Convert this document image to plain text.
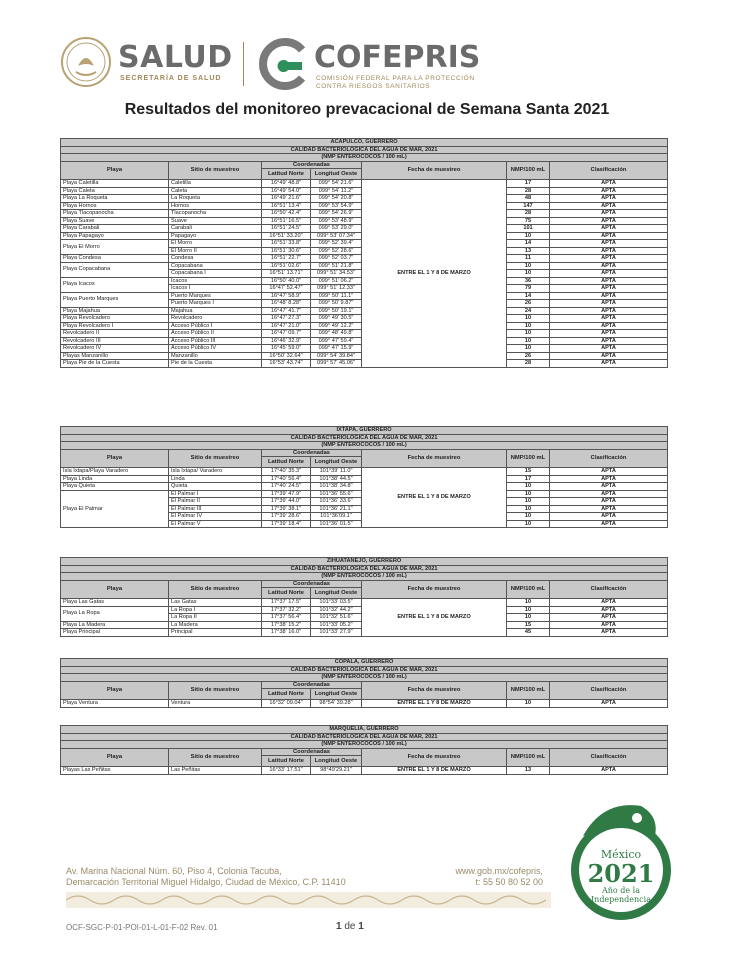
SALUD
SECRETARÍA DE SALUD
COFEPRIS
COMISIÓN FEDERAL PARA LA PROTECCIÓN
CONTRA RIESGOS SANITARIOS
Resultados del monitoreo prevacacional de Semana Santa 2021
ACAPULCO, GUERRERO						
CALIDAD BACTERIOLOGICA DEL AGUA DE MAR, 2021						
(NMP ENTEROCOCOS / 100 mL)						
Playa	Sitio de muestreo	Coordenadas		Fecha de muestreo	NMP/100 mL	Clasificación
		Latitud Norte	Longitud Oeste			
Playa Caletilla	Caletilla	16°49' 48.8"	099° 54' 21.6"	ENTRE EL 1 Y 8 DE MARZO	17	APTA
Playa Caleta	Caleta	16°49' 54.0"	099° 54' 11.2"		28	APTA
Playa La Roqueta	La Roqueta	16°49' 21.6"	099° 54' 20.8"		48	APTA
Playa Hornos	Hornos	16°51' 13.4"	099° 53' 54.9"		147	APTA
Playa Tlacopanocha	Tlacopanocha	16°50' 42.4"	099° 54' 26.9"		28	APTA
Playa Suave	Suave	16°51' 16.5"	099° 53' 48.9"		75	APTA
Playa Carabali	Carabali	16°51' 24.5"	099° 53' 29.0"		101	APTA
Playa Papagayo	Papagayo	16°51' 33.20"	099° 53' 07.34"		10	APTA
Playa El Morro	El Morro	16°51' 33.8"	099° 52' 39.4"		14	APTA
	El Morro II	16°51' 30.6"	099° 52' 28.6"		13	APTA
Playa Condesa	Condesa	16°51' 22.7"	099° 52' 03.7"		11	APTA
Playa Copacabana	Copacabana	16°51' 02.6"	099° 51' 21.8"		10	APTA
	Copacabana I	16°51' 13.71"	099° 51' 34.53"		10	APTA
Playa Icacos	Icacos	16°50' 40.0"	099° 51' 06.2"		36	APTA
	Icacos I	16°47' 52.47"	099° 51' 12.33"		79	APTA
Playa Puerto Marques	Puerto Marques	16°47' 58.9"	099° 50' 11.1"		14	APTA
	Puerto Marques I	16°48' 8.28"	099° 50' 9.87"		26	APTA
Playa Majahua	Majahua	16°47' 41.7"	099° 50' 19.1"		24	APTA
Playa Revolcadero	Revolcadero	16°47' 27.3"	099° 49' 30.5"		10	APTA
Playa Revolcadero I	Acceso Público I	16°47' 21.0"	099° 49' 12.2"		10	APTA
Revolcadero II	Acceso Público II	16°47' 09.7"	099° 48' 49.8"		10	APTA
Revolcadero III	Acceso Público III	16°46' 32.9"	099° 47' 59.4"		10	APTA
Revolcadero IV	Acceso Público IV	16°45' 59.0"	099° 47' 15.9"		10	APTA
Playas Manzanillo	Manzanillo	16°50' 32.64"	099° 54' 39.84"		26	APTA
Playa Pie de la Cuesta	Pie de la Cuesta	16°53' 43.74"	099° 57' 45.06"		28	APTA
IXTAPA, GUERRERO						
CALIDAD BACTERIOLOGICA DEL AGUA DE MAR, 2021						
(NMP ENTEROCOCOS / 100 mL)						
Playa	Sitio de muestreo	Coordenadas		Fecha de muestreo	NMP/100 mL	Clasificación
		Latitud Norte	Longitud Oeste			
Isla Ixtapa/Playa Varadero	Isla Ixtapa/ Varadero	17°40' 35.3"	101°39' 11.0"	ENTRE EL 1 Y 8 DE MARZO	15	APTA
Playa Linda	Linda	17°40' 56.4"	101°38' 44.5"		17	APTA
Playa Quieta	Quieta	17°40' 24.5"	101°38' 34.8"		10	APTA
Playa El Palmar	El Palmar I	17°39' 47.9"	101°36' 55.6"		10	APTA
	El Palmar II	17°39' 44.0"	101°36' 33.6"		10	APTA
	El Palmar III	17°39' 38.1"	101°36' 21.1"		10	APTA
	El Palmar IV	17°39' 28.6"	101°36'09.1"		10	APTA
	El Palmar V	17°39' 18.4"	101°36' 01.5"		10	APTA
ZIHUATANEJO, GUERRERO						
CALIDAD BACTERIOLOGICA DEL AGUA DE MAR, 2021						
(NMP ENTEROCOCOS / 100 mL)						
Playa	Sitio de muestreo	Coordenadas		Fecha de muestreo	NMP/100 mL	Clasificación
		Latitud Norte	Longitud Oeste			
Playa Las Gatas	Las Gatas	17°37' 17.5"	101°33' 03.5"	ENTRE EL 1 Y 8 DE MARZO	10	APTA
Playa La Ropa	La Ropa I	17°37' 32.2"	101°32' 44.2"		10	APTA
	La Ropa II	17°37' 56.4"	101°32' 51.6"		10	APTA
Playa La Madera	La Madera	17°38' 15.2"	101°33' 05.2"		15	APTA
Playa Principal	Principal	17°38' 16.0"	101°33' 27.9"		45	APTA
COPALA, GUERRERO						
CALIDAD BACTERIOLOGICA DEL AGUA DE MAR, 2021						
(NMP ENTEROCOCOS / 100 mL)						
Playa	Sitio de muestreo	Coordenadas		Fecha de muestreo	NMP/100 mL	Clasificación
		Latitud Norte	Longitud Oeste			
Playa Ventura	Ventura	16°32' 09.04"	98°54' 39.28"	ENTRE EL 1 Y 8 DE MARZO	10	APTA
MARQUELIA, GUERRERO						
CALIDAD BACTERIOLOGICA DEL AGUA DE MAR, 2021						
(NMP ENTEROCOCOS / 100 mL)						
Playa	Sitio de muestreo	Coordenadas		Fecha de muestreo	NMP/100 mL	Clasificación
		Latitud Norte	Longitud Oeste			
Playas Las Peñitas	Las Peñitas	16°33' 17.51"	98°49'29.21"	ENTRE EL 1 Y 8 DE MARZO	13	APTA
Av. Marina Nacional Núm. 60, Piso 4, Colonia Tacuba,
Demarcación Territorial Miguel Hidalgo, Ciudad de México, C.P. 11410
www.gob.mx/cofepris,
t: 55 50 80 52 00
OCF-SGC-P-01-POI-01-L-01-F-02 Rev. 01	1 de 1
México
2021
Año de la
Independencia
